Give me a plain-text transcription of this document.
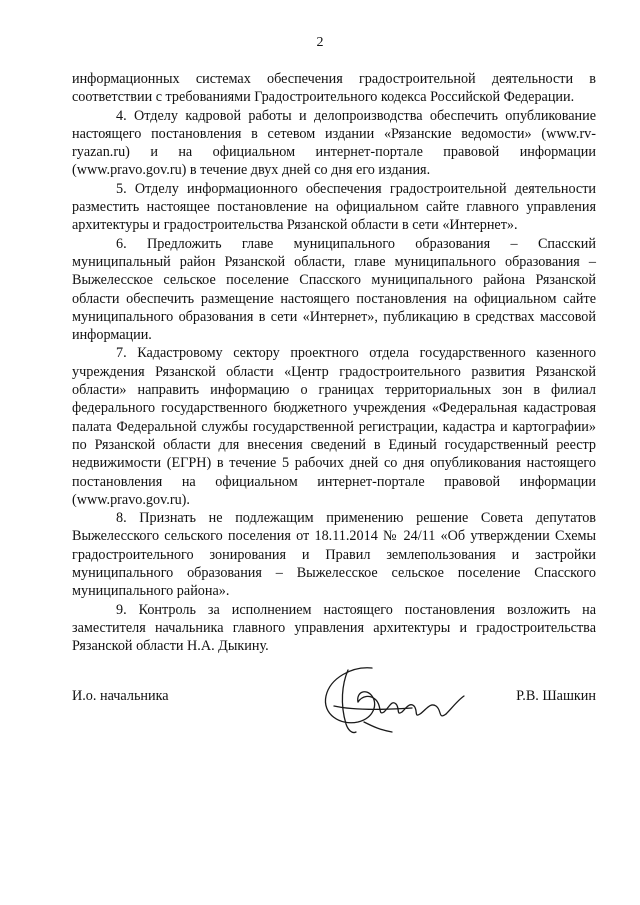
2

информационных системах обеспечения градостроительной деятельности в соответствии с требованиями Градостроительного кодекса Российской Федерации.

4. Отделу кадровой работы и делопроизводства обеспечить опубликование настоящего постановления в сетевом издании «Рязанские ведомости» (www.rv-ryazan.ru) и на официальном интернет-портале правовой информации (www.pravo.gov.ru) в течение двух дней со дня его издания.

5. Отделу информационного обеспечения градостроительной деятельности разместить настоящее постановление на официальном сайте главного управления архитектуры и градостроительства Рязанской области в сети «Интернет».

6. Предложить главе муниципального образования – Спасский муниципальный район Рязанской области, главе муниципального образования – Выжелесское сельское поселение Спасского муниципального района Рязанской области обеспечить размещение настоящего постановления на официальном сайте муниципального образования в сети «Интернет», публикацию в средствах массовой информации.

7. Кадастровому сектору проектного отдела государственного казенного учреждения Рязанской области «Центр градостроительного развития Рязанской области» направить информацию о границах территориальных зон в филиал федерального государственного бюджетного учреждения «Федеральная кадастровая палата Федеральной службы государственной регистрации, кадастра и картографии» по Рязанской области для внесения сведений в Единый государственный реестр недвижимости (ЕГРН) в течение 5 рабочих дней со дня опубликования настоящего постановления на официальном интернет-портале правовой информации (www.pravo.gov.ru).

8. Признать не подлежащим применению решение Совета депутатов Выжелесского сельского поселения от 18.11.2014 № 24/11 «Об утверждении Схемы градостроительного зонирования и Правил землепользования и застройки муниципального образования – Выжелесское сельское поселение Спасского муниципального района».

9. Контроль за исполнением настоящего постановления возложить на заместителя начальника главного управления архитектуры и градостроительства Рязанской области Н.А. Дыкину.

И.о. начальника	Р.В. Шашкин
